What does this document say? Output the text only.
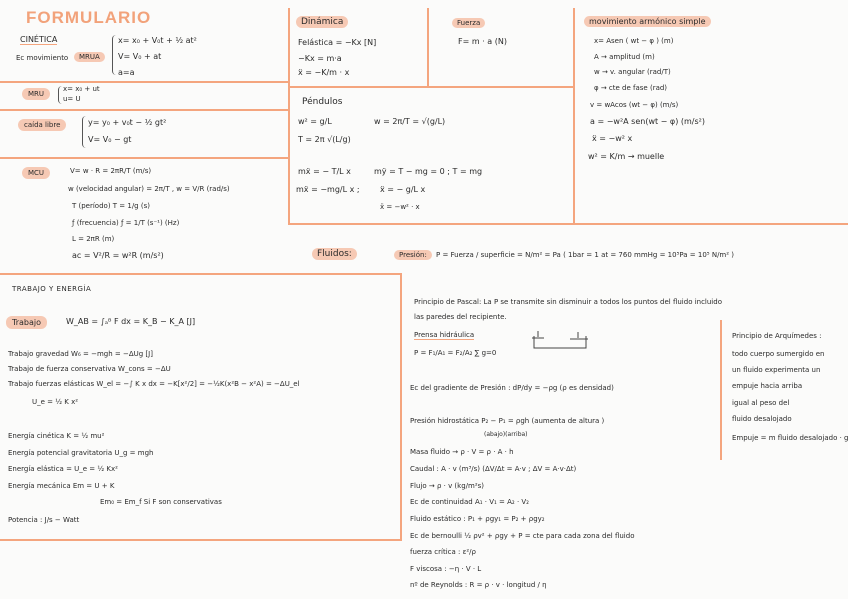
FORMULARIO
CINÉTICA
Ec movimiento	MRUA
x= x₀ + V₀t + ½ at²
V= V₀ + at
a=a
MRU
x= x₀ + ut
u= U
caída libre	y= y₀ + v₀t − ½ gt²
V= V₀ − gt
MCU	V= w · R = 2πR/T (m/s)
w (velocidad angular) = 2π/T , w = V/R (rad/s)
T (período) T = 1/g (s)
ƒ (frecuencia) ƒ = 1/T (s⁻¹) (Hz)
L = 2πR (m)
aᴄ = V²/R = w²R (m/s²)
Dinámica
Felástica = −Kx [N]
−Kx = m·a
ẍ = −K/m · x
Fuerza
F= m · a (N)
Péndulos
w² = g/L	w = 2π/T = √(g/L)
T = 2π √(L/g)
mẍ = − T/L x	mÿ = T − mg = 0 ; T = mg
mẍ = −mg/L x ;	ẍ = − g/L x
ẍ = −w² · x
movimiento armónico simple
x= Asen ( wt − φ ) (m)
A → amplitud (m)
w → v. angular (rad/T)
φ → cte de fase (rad)
v = wAcos (wt − φ) (m/s)
a = −w²A sen(wt − φ) (m/s²)
ẍ = −w² x
w² = K/m → muelle
Fluidos:	Presión:	P = Fuerza / superficie = N/m² = Pa ( 1bar = 1 at = 760 mmHg = 10⁵Pa = 10⁵ N/m² )
TRABAJO Y ENERGÍA
Trabajo	W_AB = ∫ₐᴮ F dx = K_B − K_A [J]
Trabajo gravedad W₆ = −mgh = −ΔUg [J]
Trabajo de fuerza conservativa W_cons = −ΔU
Trabajo fuerzas elásticas W_el = −∫ K x dx = −K[x²/2] = −½K(x²B − x²A) = −ΔU_el
U_e = ½ K x²
Energía cinética K = ½ mu²
Energía potencial gravitatoria U_g = mgh
Energía elástica = U_e = ½ Kx²
Energía mecánica Em = U + K
Em₀ = Em_f Si F son conservativas
Potencia : J/s − Watt
Principio de Pascal: La P se transmite sin disminuir a todos los puntos del fluido incluido
las paredes del recipiente.
Prensa hidráulica
P = F₁/A₁ = F₂/A₂ ∑ g=0
Ec del gradiente de Presión : dP/dy = −ρg (ρ es densidad)
Presión hidrostática P₂ − P₁ = ρgh (aumenta de altura )
(abajo)(arriba)
Masa fluido → ρ · V = ρ · A · h
Caudal : A · v (m³/s) (ΔV/Δt = A·v ; ΔV = A·v·Δt)
Flujo → ρ · v (kg/m²s)
Ec de continuidad A₁ · V₁ = A₂ · V₂
Fluido estático : P₁ + ρgy₁ = P₂ + ρgy₂
Ec de bernoulli ½ ρv² + ρgy + P = cte para cada zona del fluido
fuerza crítica : ε²/ρ
F viscosa : −η · V · L
nº de Reynolds : R = ρ · v · longitud / η
Principio de Arquímedes :
todo cuerpo sumergido en
un fluido experimenta un
empuje hacia arriba
igual al peso del
fluido desalojado
Empuje = m fluido desalojado · g
